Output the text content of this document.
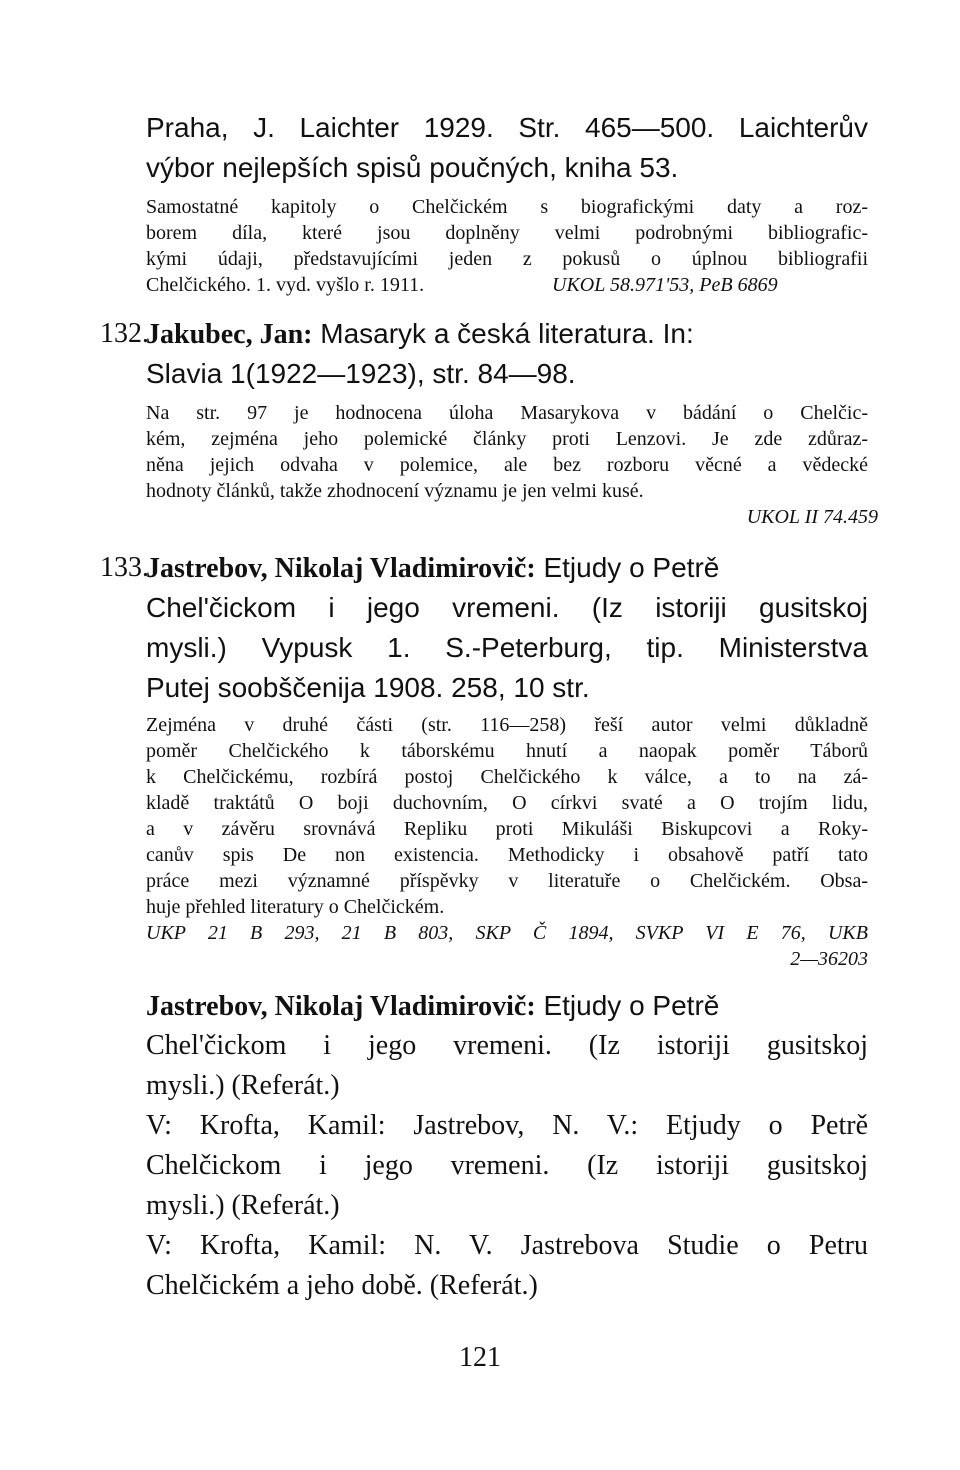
Praha, J. Laichter 1929. Str. 465—500. Laichterův
výbor nejlepších spisů poučných, kniha 53.
Samostatné kapitoly o Chelčickém s biografickými daty a roz-
borem díla, které jsou doplněny velmi podrobnými bibliografic-
kými údaji, představujícími jeden z pokusů o úplnou bibliografii
Chelčického. 1. vyd. vyšlo r. 1911.	UKOL 58.971'53, PeB 6869
132.
Jakubec, Jan: Masaryk a česká literatura. In:
Slavia 1(1922—1923), str. 84—98.
Na str. 97 je hodnocena úloha Masarykova v bádání o Chelčic-
kém, zejména jeho polemické články proti Lenzovi. Je zde zdůraz-
něna jejich odvaha v polemice, ale bez rozboru věcné a vědecké
hodnoty článků, takže zhodnocení významu je jen velmi kusé.
UKOL II 74.459
133.
Jastrebov, Nikolaj Vladimirovič: Etjudy o Petrě
Chel'čickom i jego vremeni. (Iz istoriji gusitskoj
mysli.) Vypusk 1. S.-Peterburg, tip. Ministerstva
Putej soobščenija 1908. 258, 10 str.
Zejména v druhé části (str. 116—258) řeší autor velmi důkladně
poměr Chelčického k táborskému hnutí a naopak poměr Táborů
k Chelčickému, rozbírá postoj Chelčického k válce, a to na zá-
kladě traktátů O boji duchovním, O církvi svaté a O trojím lidu,
a v závěru srovnává Repliku proti Mikuláši Biskupcovi a Roky-
canův spis De non existencia. Methodicky i obsahově patří tato
práce mezi významné příspěvky v literatuře o Chelčickém. Obsa-
huje přehled literatury o Chelčickém.
UKP 21 B 293, 21 B 803, SKP Č 1894, SVKP VI E 76, UKB
2—36203
Jastrebov, Nikolaj Vladimirovič: Etjudy o Petrě
Chel'čickom i jego vremeni. (Iz istoriji gusitskoj
mysli.) (Referát.)
V: Krofta, Kamil: Jastrebov, N. V.: Etjudy o Petrě
Chelčickom i jego vremeni. (Iz istoriji gusitskoj
mysli.) (Referát.)
V: Krofta, Kamil: N. V. Jastrebova Studie o Petru
Chelčickém a jeho době. (Referát.)
121
